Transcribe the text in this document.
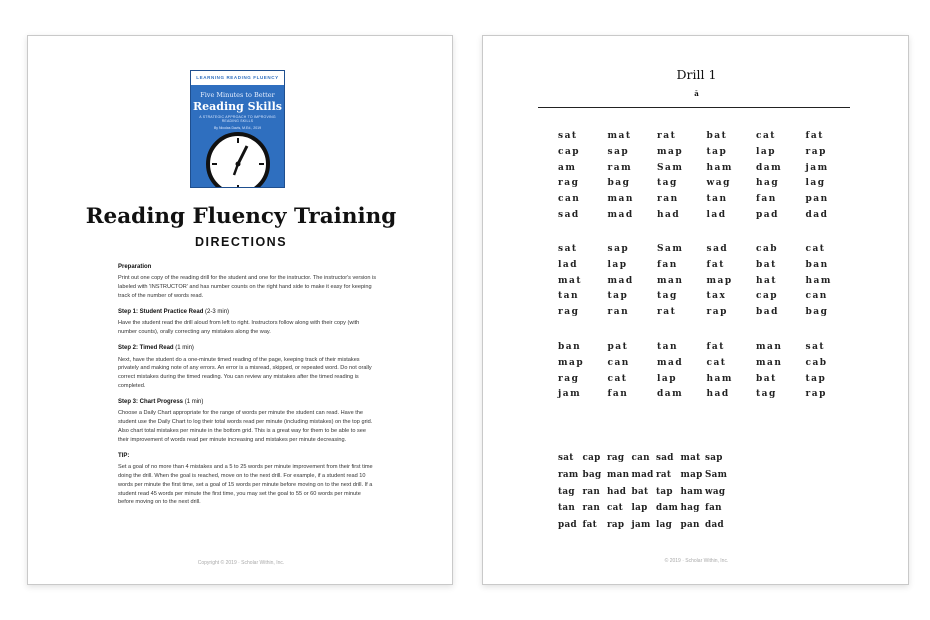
LEARNING READING FLUENCY
Five Minutes to Better
Reading Skills
A STRATEGIC APPROACH TO IMPROVING READING SKILLS
By Nicolas Davis, M.Ed., 2019
Reading Fluency Training
DIRECTIONS
Preparation

Print out one copy of the reading drill for the student and one for the instructor. The instructor's version is labeled with 'INSTRUCTOR' and has number counts on the right hand side to make it easy for keeping track of the number of words read.

Step 1: Student Practice Read (2-3 min)

Have the student read the drill aloud from left to right. Instructors follow along with their copy (with number counts), orally correcting any mistakes along the way.

Step 2: Timed Read (1 min)

Next, have the student do a one-minute timed reading of the page, keeping track of their mistakes privately and making note of any errors. An error is a misread, skipped, or repeated word. Do not orally correct mistakes during the timed reading. You can review any mistakes after the timed reading is completed.

Step 3: Chart Progress (1 min)

Choose a Daily Chart appropriate for the range of words per minute the student can read. Have the student use the Daily Chart to log their total words read per minute (including mistakes) on the top grid. Also chart total mistakes per minute in the bottom grid. This is a great way for them to be able to see their improvement of words read per minute increasing and mistakes per minute decreasing.

TIP:

Set a goal of no more than 4 mistakes and a 5 to 25 words per minute improvement from their first time doing the drill. When the goal is reached, move on to the next drill. For example, if a student read 10 words per minute the first time, set a goal of 15 words per minute before moving on to the next drill. If a student read 45 words per minute the first time, you may set the goal to 55 or 60 words per minute before moving on to the next drill.

Copyright © 2019 · Scholar Within, Inc.
Drill 1
ă
sat	mat	rat	bat	cat	fat
cap	sap	map	tap	lap	rap
am	ram	Sam	ham	dam	jam
rag	bag	tag	wag	hag	lag
can	man	ran	tan	fan	pan
sad	mad	had	lad	pad	dad
sat	sap	Sam	sad	cab	cat
lad	lap	fan	fat	bat	ban
mat	mad	man	map	hat	ham
tan	tap	tag	tax	cap	can
rag	ran	rat	rap	bad	bag
ban	pat	tan	fat	man	sat
map	can	mad	cat	man	cab
rag	cat	lap	ham	bat	tap
jam	fan	dam	had	tag	rap
sat	cap rag can sad mat sap
ram bag man mad rat	map Sam
tag ran had bat tap ham wag
tan ran cat lap dam hag fan
pad fat	rap jam lag pan dad
© 2019 · Scholar Within, Inc.
